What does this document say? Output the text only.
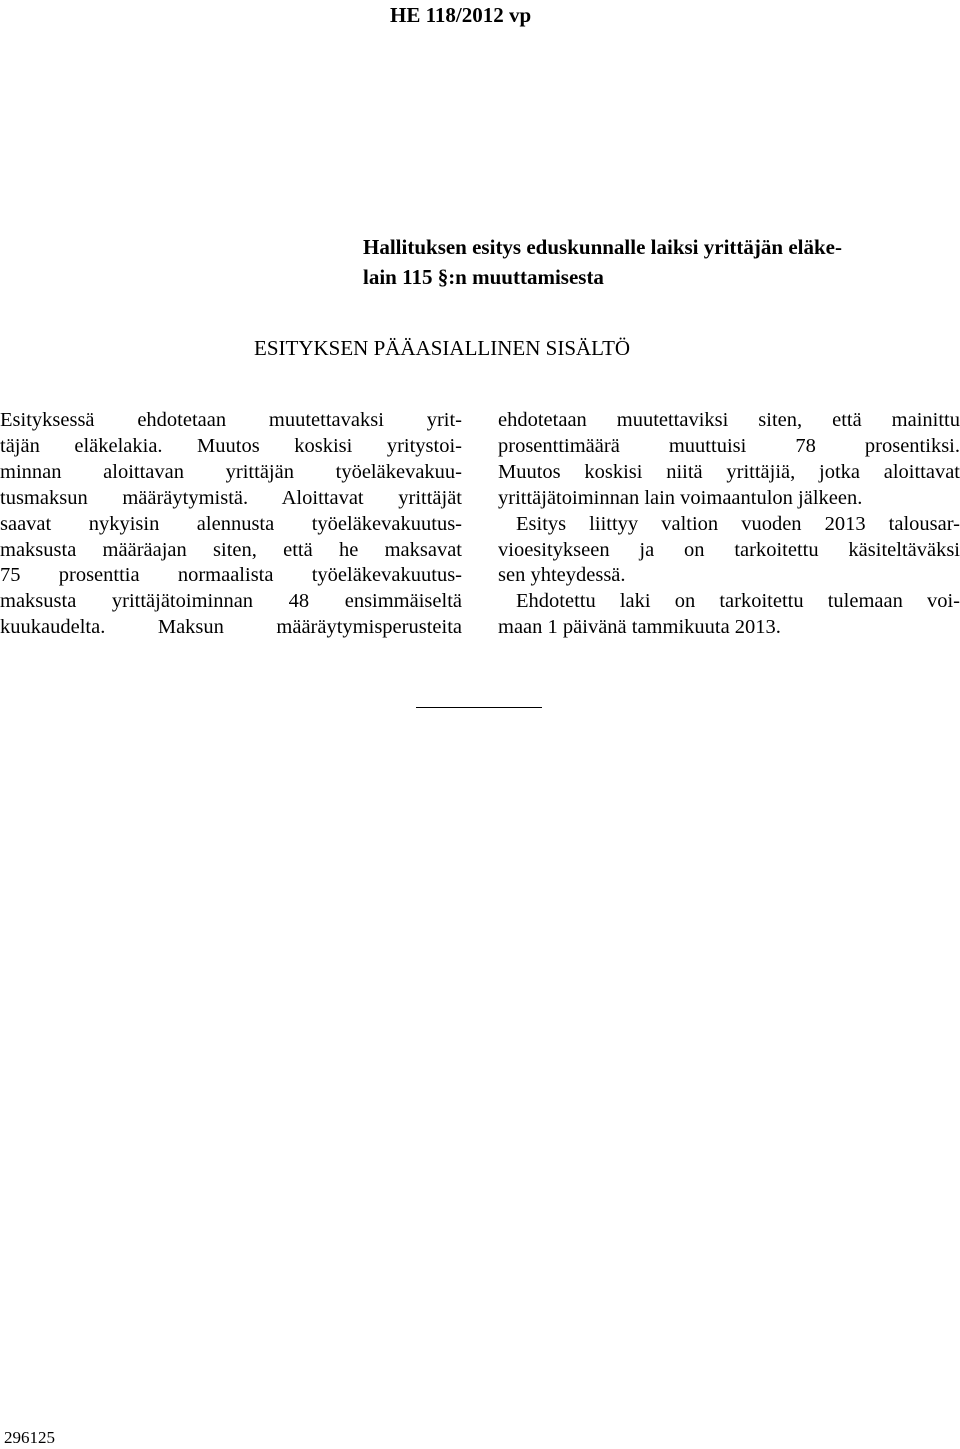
HE 118/2012 vp
Hallituksen esitys eduskunnalle laiksi yrittäjän eläke-
lain 115 §:n muuttamisesta
ESITYKSEN PÄÄASIALLINEN SISÄLTÖ
Esityksessä ehdotetaan muutettavaksi yrit-
täjän eläkelakia. Muutos koskisi yritystoi-
minnan aloittavan yrittäjän työeläkevakuu-
tusmaksun määräytymistä. Aloittavat yrittäjät
saavat nykyisin alennusta työeläkevakuutus-
maksusta määräajan siten, että he maksavat
75 prosenttia normaalista työeläkevakuutus-
maksusta yrittäjätoiminnan 48 ensimmäiseltä
kuukaudelta. Maksun määräytymisperusteita
ehdotetaan muutettaviksi siten, että mainittu
prosenttimäärä muuttuisi 78 prosentiksi.
Muutos koskisi niitä yrittäjiä, jotka aloittavat
yrittäjätoiminnan lain voimaantulon jälkeen.
Esitys liittyy valtion vuoden 2013 talousar-
vioesitykseen ja on tarkoitettu käsiteltäväksi
sen yhteydessä.
Ehdotettu laki on tarkoitettu tulemaan voi-
maan 1 päivänä tammikuuta 2013.
296125
